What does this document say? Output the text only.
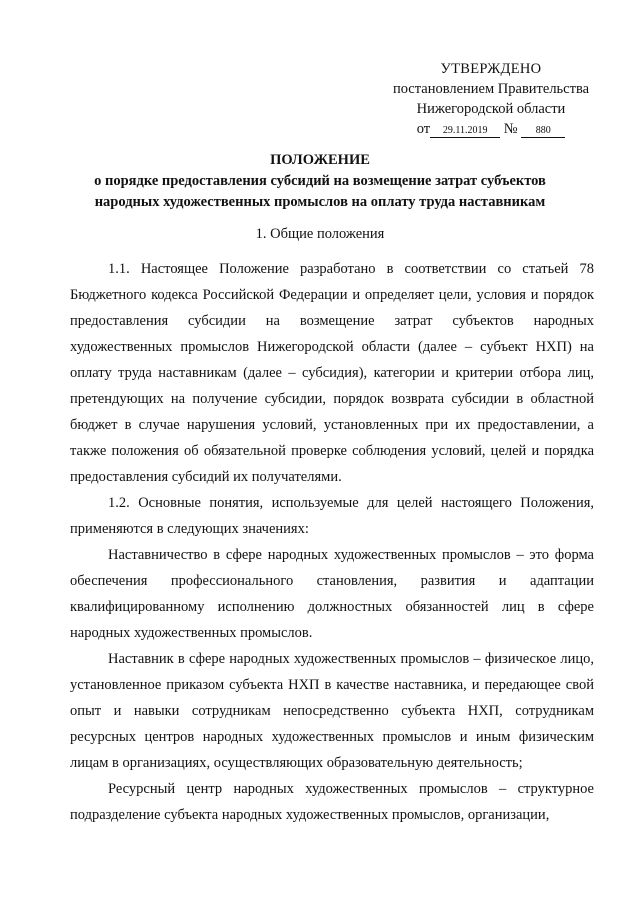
УТВЕРЖДЕНО
постановлением Правительства
Нижегородской области
от 29.11.2019 № 880
ПОЛОЖЕНИЕ
о порядке предоставления субсидий на возмещение затрат субъектов
народных художественных промыслов на оплату труда наставникам
1. Общие положения

1.1. Настоящее Положение разработано в соответствии со статьей 78 Бюджетного кодекса Российской Федерации и определяет цели, условия и порядок предоставления субсидии на возмещение затрат субъектов народных художественных промыслов Нижегородской области (далее – субъект НХП) на оплату труда наставникам (далее – субсидия), категории и критерии отбора лиц, претендующих на получение субсидии, порядок возврата субсидии в областной бюджет в случае нарушения условий, установленных при их предоставлении, а также положения об обязательной проверке соблюдения условий, целей и порядка предоставления субсидий их получателями.

1.2. Основные понятия, используемые для целей настоящего Положения, применяются в следующих значениях:

Наставничество в сфере народных художественных промыслов – это форма обеспечения профессионального становления, развития и адаптации квалифицированному исполнению должностных обязанностей лиц в сфере народных художественных промыслов.

Наставник в сфере народных художественных промыслов – физическое лицо, установленное приказом субъекта НХП в качестве наставника, и передающее свой опыт и навыки сотрудникам непосредственно субъекта НХП, сотрудникам ресурсных центров народных художественных промыслов и иным физическим лицам в организациях, осуществляющих образовательную деятельность;

Ресурсный центр народных художественных промыслов – структурное подразделение субъекта народных художественных промыслов, организации,
